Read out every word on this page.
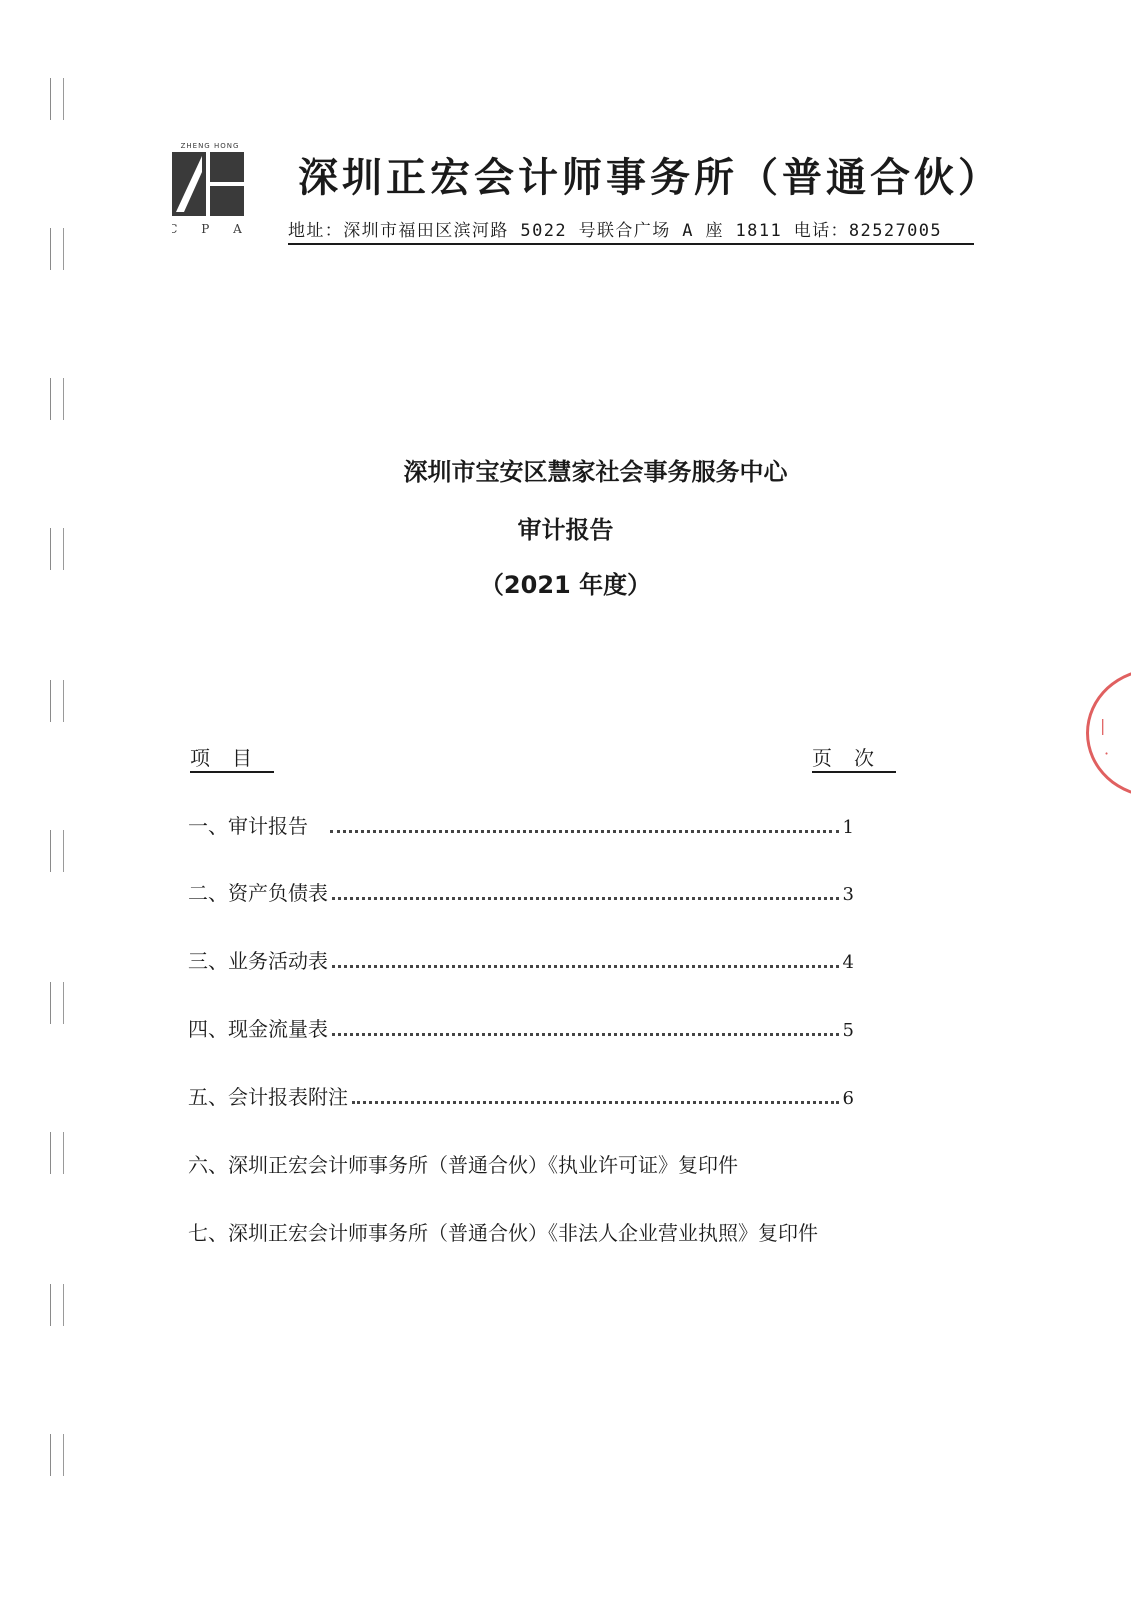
ZHENG HONG
C P A
深圳正宏会计师事务所（普通合伙）
地址：深圳市福田区滨河路 5022 号联合广场 A 座 1811 电话：82527005
深圳市宝安区慧家社会事务服务中心
审计报告
（2021 年度）
项目	页次
一、审计报告	1
二、资产负债表	3
三、业务活动表	4
四、现金流量表	5
五、会计报表附注	6
六、深圳正宏会计师事务所（普通合伙）《执业许可证》复印件
七、深圳正宏会计师事务所（普通合伙）《非法人企业营业执照》复印件
|
·
